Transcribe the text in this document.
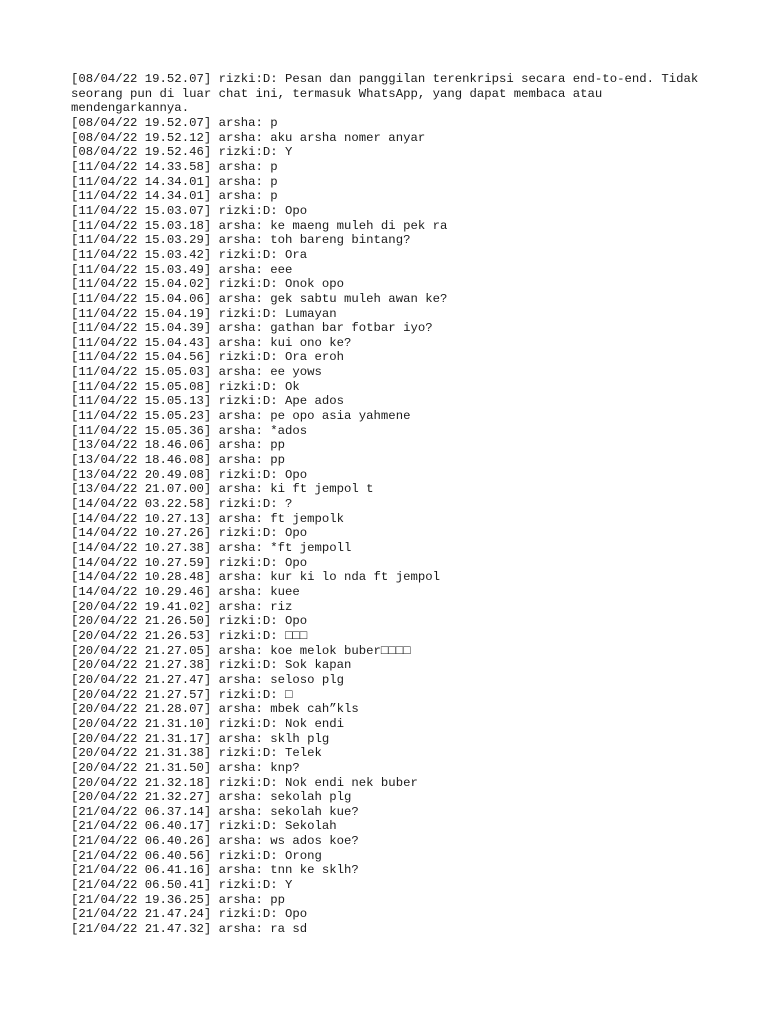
[08/04/22 19.52.07] rizki:D: Pesan dan panggilan terenkripsi secara end-to-end. Tidak seorang pun di luar chat ini, termasuk WhatsApp, yang dapat membaca atau mendengarkannya.
[08/04/22 19.52.07] arsha: p
[08/04/22 19.52.12] arsha: aku arsha nomer anyar
[08/04/22 19.52.46] rizki:D: Y
[11/04/22 14.33.58] arsha: p
[11/04/22 14.34.01] arsha: p
[11/04/22 14.34.01] arsha: p
[11/04/22 15.03.07] rizki:D: Opo
[11/04/22 15.03.18] arsha: ke maeng muleh di pek ra
[11/04/22 15.03.29] arsha: toh bareng bintang?
[11/04/22 15.03.42] rizki:D: Ora
[11/04/22 15.03.49] arsha: eee
[11/04/22 15.04.02] rizki:D: Onok opo
[11/04/22 15.04.06] arsha: gek sabtu muleh awan ke?
[11/04/22 15.04.19] rizki:D: Lumayan
[11/04/22 15.04.39] arsha: gathan bar fotbar iyo?
[11/04/22 15.04.43] arsha: kui ono ke?
[11/04/22 15.04.56] rizki:D: Ora eroh
[11/04/22 15.05.03] arsha: ee yows
[11/04/22 15.05.08] rizki:D: Ok
[11/04/22 15.05.13] rizki:D: Ape ados
[11/04/22 15.05.23] arsha: pe opo asia yahmene
[11/04/22 15.05.36] arsha: *ados
[13/04/22 18.46.06] arsha: pp
[13/04/22 18.46.08] arsha: pp
[13/04/22 20.49.08] rizki:D: Opo
[13/04/22 21.07.00] arsha: ki ft jempol t
[14/04/22 03.22.58] rizki:D: ?
[14/04/22 10.27.13] arsha: ft jempolk
[14/04/22 10.27.26] rizki:D: Opo
[14/04/22 10.27.38] arsha: *ft jempoll
[14/04/22 10.27.59] rizki:D: Opo
[14/04/22 10.28.48] arsha: kur ki lo nda ft jempol
[14/04/22 10.29.46] arsha: kuee
[20/04/22 19.41.02] arsha: riz
[20/04/22 21.26.50] rizki:D: Opo
[20/04/22 21.26.53] rizki:D: □□□
[20/04/22 21.27.05] arsha: koe melok buber□□□□
[20/04/22 21.27.38] rizki:D: Sok kapan
[20/04/22 21.27.47] arsha: seloso plg
[20/04/22 21.27.57] rizki:D: □
[20/04/22 21.28.07] arsha: mbek cah”kls
[20/04/22 21.31.10] rizki:D: Nok endi
[20/04/22 21.31.17] arsha: sklh plg
[20/04/22 21.31.38] rizki:D: Telek
[20/04/22 21.31.50] arsha: knp?
[20/04/22 21.32.18] rizki:D: Nok endi nek buber
[20/04/22 21.32.27] arsha: sekolah plg
[21/04/22 06.37.14] arsha: sekolah kue?
[21/04/22 06.40.17] rizki:D: Sekolah
[21/04/22 06.40.26] arsha: ws ados koe?
[21/04/22 06.40.56] rizki:D: Orong
[21/04/22 06.41.16] arsha: tnn ke sklh?
[21/04/22 06.50.41] rizki:D: Y
[21/04/22 19.36.25] arsha: pp
[21/04/22 21.47.24] rizki:D: Opo
[21/04/22 21.47.32] arsha: ra sd
